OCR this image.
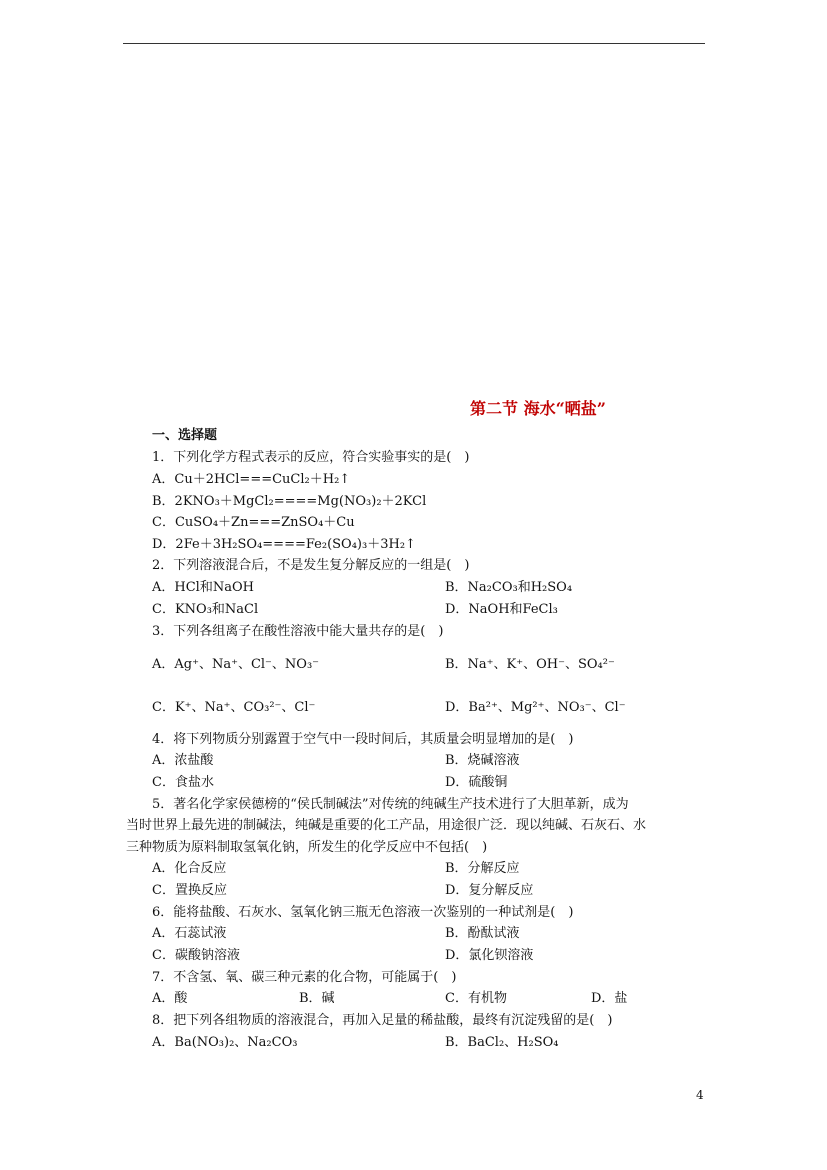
第二节 海水“晒盐”
一、选择题
1．下列化学方程式表示的反应，符合实验事实的是(　)
A．Cu＋2HCl===CuCl₂＋H₂↑
B．2KNO₃＋MgCl₂====Mg(NO₃)₂＋2KCl
C．CuSO₄＋Zn===ZnSO₄＋Cu
D．2Fe＋3H₂SO₄====Fe₂(SO₄)₃＋3H₂↑
2．下列溶液混合后，不是发生复分解反应的一组是(　)
A．HCl和NaOH	B．Na₂CO₃和H₂SO₄
C．KNO₃和NaCl	D．NaOH和FeCl₃
3．下列各组离子在酸性溶液中能大量共存的是(　)
A．Ag⁺、Na⁺、Cl⁻、NO₃⁻	B．Na⁺、K⁺、OH⁻、SO₄²⁻
C．K⁺、Na⁺、CO₃²⁻、Cl⁻	D．Ba²⁺、Mg²⁺、NO₃⁻、Cl⁻
4．将下列物质分别露置于空气中一段时间后，其质量会明显增加的是(　)
A．浓盐酸	B．烧碱溶液
C．食盐水	D．硫酸铜
5．著名化学家侯德榜的“侯氏制碱法”对传统的纯碱生产技术进行了大胆革新，成为
当时世界上最先进的制碱法，纯碱是重要的化工产品，用途很广泛．现以纯碱、石灰石、水
三种物质为原料制取氢氧化钠，所发生的化学反应中不包括(　)
A．化合反应	B．分解反应
C．置换反应	D．复分解反应
6．能将盐酸、石灰水、氢氧化钠三瓶无色溶液一次鉴别的一种试剂是(　)
A．石蕊试液	B．酚酞试液
C．碳酸钠溶液	D．氯化钡溶液
7．不含氢、氧、碳三种元素的化合物，可能属于(　)
A．酸	B．碱	C．有机物	D．盐
8．把下列各组物质的溶液混合，再加入足量的稀盐酸，最终有沉淀残留的是(　)
A．Ba(NO₃)₂、Na₂CO₃	B．BaCl₂、H₂SO₄
4
